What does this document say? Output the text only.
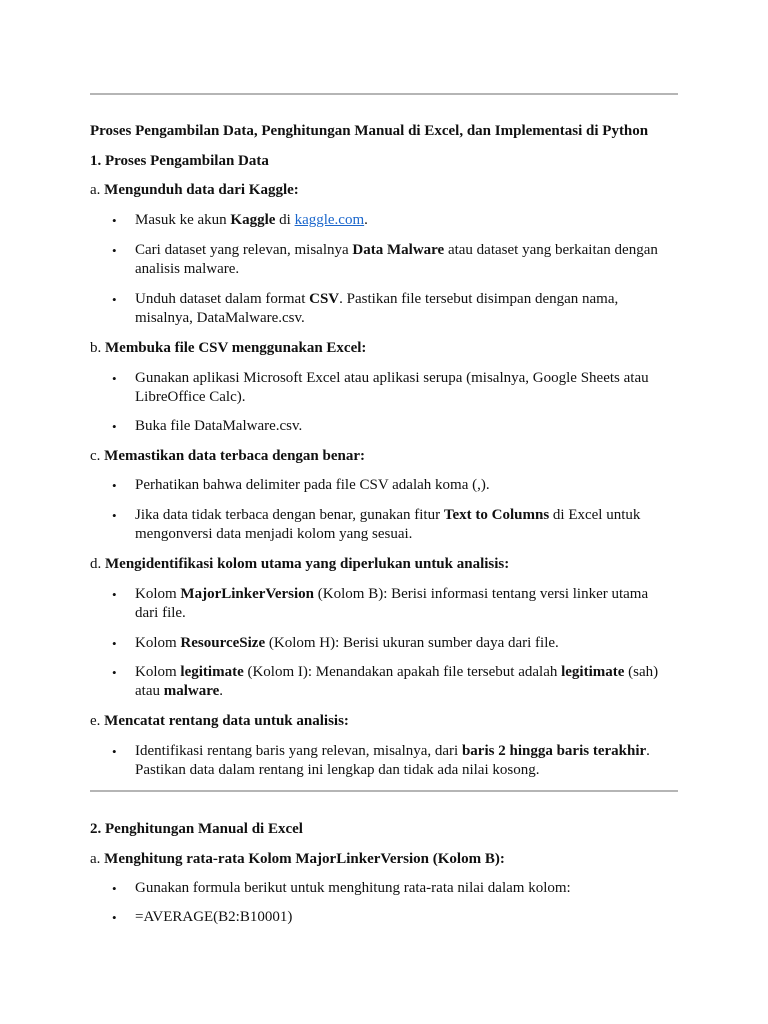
Proses Pengambilan Data, Penghitungan Manual di Excel, dan Implementasi di Python
1. Proses Pengambilan Data
a. Mengunduh data dari Kaggle:
• Masuk ke akun Kaggle di kaggle.com.
• Cari dataset yang relevan, misalnya Data Malware atau dataset yang berkaitan dengan
analisis malware.
• Unduh dataset dalam format CSV. Pastikan file tersebut disimpan dengan nama,
misalnya, DataMalware.csv.
b. Membuka file CSV menggunakan Excel:
• Gunakan aplikasi Microsoft Excel atau aplikasi serupa (misalnya, Google Sheets atau
LibreOffice Calc).
• Buka file DataMalware.csv.
c. Memastikan data terbaca dengan benar:
• Perhatikan bahwa delimiter pada file CSV adalah koma (,).
• Jika data tidak terbaca dengan benar, gunakan fitur Text to Columns di Excel untuk
mengonversi data menjadi kolom yang sesuai.
d. Mengidentifikasi kolom utama yang diperlukan untuk analisis:
• Kolom MajorLinkerVersion (Kolom B): Berisi informasi tentang versi linker utama
dari file.
• Kolom ResourceSize (Kolom H): Berisi ukuran sumber daya dari file.
• Kolom legitimate (Kolom I): Menandakan apakah file tersebut adalah legitimate (sah)
atau malware.
e. Mencatat rentang data untuk analisis:
• Identifikasi rentang baris yang relevan, misalnya, dari baris 2 hingga baris terakhir.
Pastikan data dalam rentang ini lengkap dan tidak ada nilai kosong.
2. Penghitungan Manual di Excel
a. Menghitung rata-rata Kolom MajorLinkerVersion (Kolom B):
• Gunakan formula berikut untuk menghitung rata-rata nilai dalam kolom:
• =AVERAGE(B2:B10001)
